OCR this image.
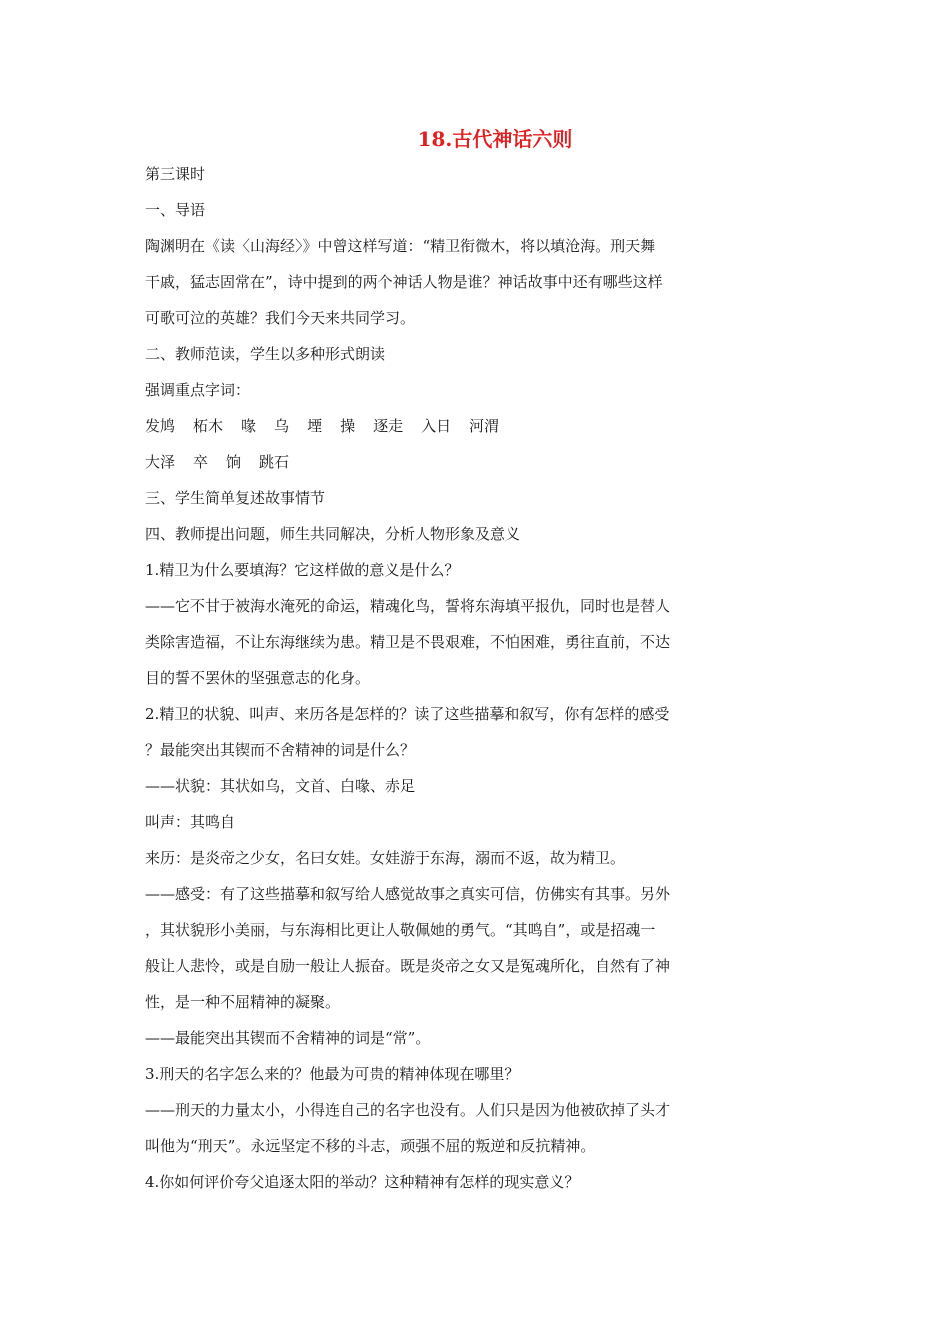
18.古代神话六则
第三课时
一、导语
陶渊明在《读〈山海经〉》中曾这样写道：“精卫衔微木，将以填沧海。刑天舞
干戚，猛志固常在”，诗中提到的两个神话人物是谁？神话故事中还有哪些这样
可歌可泣的英雄？我们今天来共同学习。
二、教师范读，学生以多种形式朗读
强调重点字词：
发鸠 柘木 喙 乌 堙 操 逐走 入日 河渭
大泽 卒 饷 跳石
三、学生简单复述故事情节
四、教师提出问题，师生共同解决，分析人物形象及意义
1.精卫为什么要填海？它这样做的意义是什么？
——它不甘于被海水淹死的命运，精魂化鸟，誓将东海填平报仇，同时也是替人
类除害造福，不让东海继续为患。精卫是不畏艰难，不怕困难，勇往直前，不达
目的誓不罢休的坚强意志的化身。
2.精卫的状貌、叫声、来历各是怎样的？读了这些描摹和叙写，你有怎样的感受
？最能突出其锲而不舍精神的词是什么？
——状貌：其状如乌，文首、白喙、赤足
叫声：其鸣自
来历：是炎帝之少女，名曰女娃。女娃游于东海，溺而不返，故为精卫。
——感受：有了这些描摹和叙写给人感觉故事之真实可信，仿佛实有其事。另外
，其状貌形小美丽，与东海相比更让人敬佩她的勇气。“其鸣自”，或是招魂一
般让人悲怜，或是自励一般让人振奋。既是炎帝之女又是冤魂所化，自然有了神
性，是一种不屈精神的凝聚。
——最能突出其锲而不舍精神的词是“常”。
3.刑天的名字怎么来的？他最为可贵的精神体现在哪里？
——刑天的力量太小，小得连自己的名字也没有。人们只是因为他被砍掉了头才
叫他为“刑天”。永远坚定不移的斗志，顽强不屈的叛逆和反抗精神。
4.你如何评价夸父追逐太阳的举动？这种精神有怎样的现实意义？
